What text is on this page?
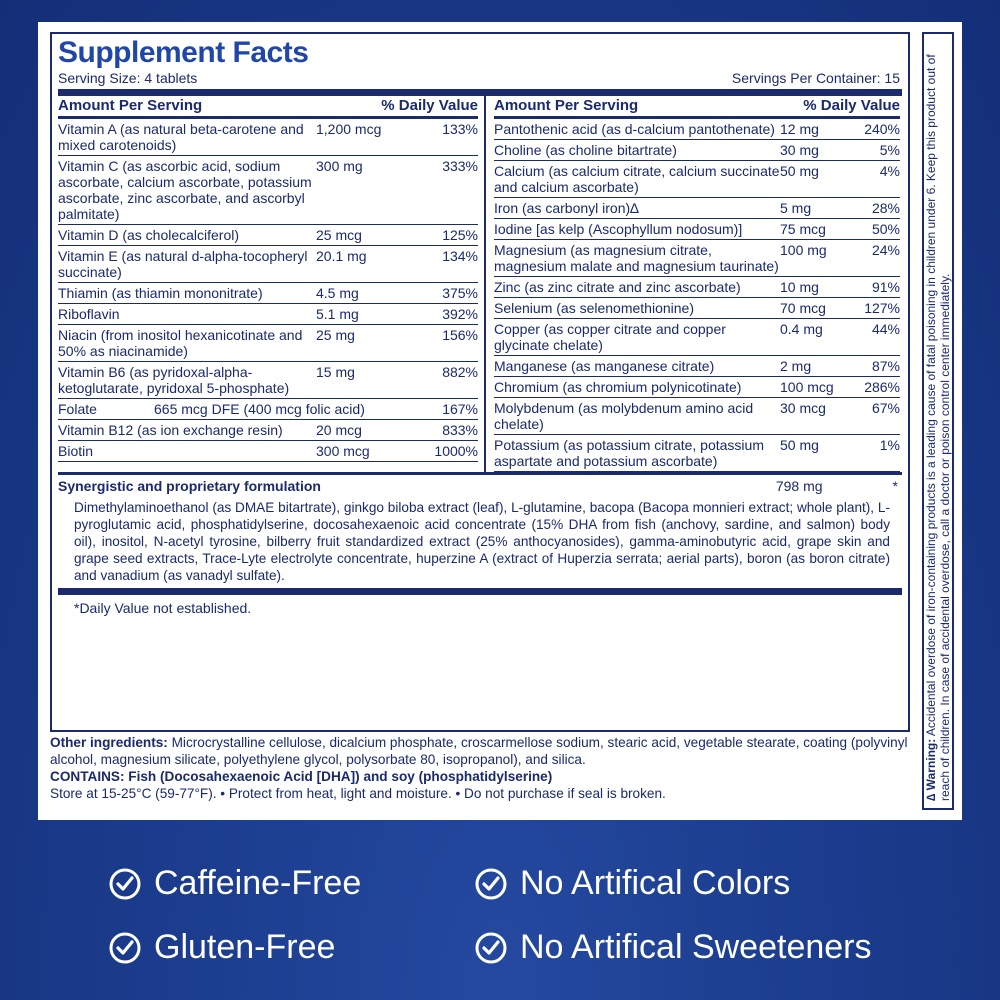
Supplement Facts
Serving Size: 4 tablets	Servings Per Container: 15
Amount Per Serving	% Daily Value
Vitamin A (as natural beta-carotene and mixed carotenoids)
1,200 mcg	133%
Vitamin C (as ascorbic acid, sodium ascorbate, calcium ascorbate, potassium ascorbate, zinc ascorbate, and ascorbyl palmitate)
300 mg	333%
Vitamin D (as cholecalciferol)	25 mcg	125%
Vitamin E (as natural d-alpha-tocopheryl succinate)
20.1 mg	134%
Thiamin (as thiamin mononitrate)	4.5 mg	375%
Riboflavin	5.1 mg	392%
Niacin (from inositol hexanicotinate and 50% as niacinamide)
25 mg	156%
Vitamin B6 (as pyridoxal-alpha-ketoglutarate, pyridoxal 5-phosphate)
15 mg	882%
Folate	665 mcg DFE (400 mcg folic acid)	167%
Vitamin B12 (as ion exchange resin)	20 mcg	833%
Biotin	300 mcg	1000%
Amount Per Serving	% Daily Value
Pantothenic acid (as d-calcium pantothenate) 12 mg	240%
Choline (as choline bitartrate)	30 mg	5%
Calcium (as calcium citrate, calcium succinate and calcium ascorbate)
50 mg	4%
Iron (as carbonyl iron)∆	5 mg	28%
Iodine [as kelp (Ascophyllum nodosum)]	75 mcg	50%
Magnesium (as magnesium citrate, magnesium malate and magnesium taurinate)
100 mg	24%
Zinc (as zinc citrate and zinc ascorbate)	10 mg	91%
Selenium (as selenomethionine)	70 mcg	127%
Copper (as copper citrate and copper glycinate chelate)
0.4 mg	44%
Manganese (as manganese citrate)	2 mg	87%
Chromium (as chromium polynicotinate)	100 mcg	286%
Molybdenum (as molybdenum amino acid chelate)
30 mcg	67%
Potassium (as potassium citrate, potassium aspartate and potassium ascorbate)
50 mg	1%
Synergistic and proprietary formulation	798 mg	*
Dimethylaminoethanol (as DMAE bitartrate), ginkgo biloba extract (leaf), L-glutamine, bacopa (Bacopa monnieri extract; whole plant), L-pyroglutamic acid, phosphatidylserine, docosahexaenoic acid concentrate (15% DHA from fish (anchovy, sardine, and salmon) body oil), inositol, N-acetyl tyrosine, bilberry fruit standardized extract (25% anthocyanosides), gamma-aminobutyric acid, grape skin and grape seed extracts, Trace-Lyte electrolyte concentrate, huperzine A (extract of Huperzia serrata; aerial parts), boron (as boron citrate) and vanadium (as vanadyl sulfate).
*Daily Value not established.
Other ingredients: Microcrystalline cellulose, dicalcium phosphate, croscarmellose sodium, stearic acid, vegetable stearate, coating (polyvinyl alcohol, magnesium silicate, polyethylene glycol, polysorbate 80, isopropanol), and silica.
CONTAINS: Fish (Docosahexaenoic Acid [DHA]) and soy (phosphatidylserine)
Store at 15-25°C (59-77°F). • Protect from heat, light and moisture. • Do not purchase if seal is broken.	∆ Warning: Accidental overdose of iron-containing products is a leading cause of fatal poisoning in children under 6. Keep this product out of reach of children. In case of accidental overdose, call a doctor or poison control center immediately.
Caffeine-Free	No Artifical Colors
Gluten-Free	No Artifical Sweeteners
